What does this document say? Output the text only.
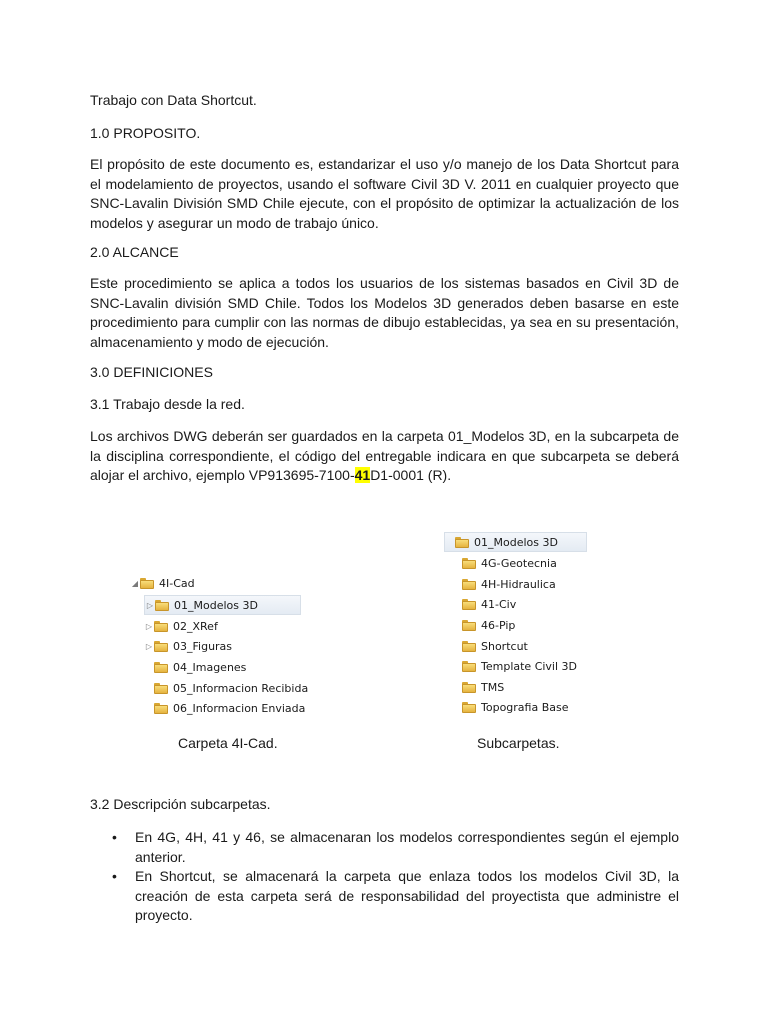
Trabajo con Data Shortcut.

1.0 PROPOSITO.

El propósito de este documento es, estandarizar el uso y/o manejo de los Data Shortcut para el modelamiento de proyectos, usando el software Civil 3D V. 2011 en cualquier proyecto que SNC-Lavalin División SMD Chile ejecute, con el propósito de optimizar la actualización de los modelos y asegurar un modo de trabajo único.

2.0 ALCANCE

Este procedimiento se aplica a todos los usuarios de los sistemas basados en Civil 3D de SNC-Lavalin división SMD Chile. Todos los Modelos 3D generados deben basarse en este procedimiento para cumplir con las normas de dibujo establecidas, ya sea en su presentación, almacenamiento y modo de ejecución.

3.0 DEFINICIONES

3.1 Trabajo desde la red.

Los archivos DWG deberán ser guardados en la carpeta 01_Modelos 3D, en la subcarpeta de la disciplina correspondiente, el código del entregable indicara en que subcarpeta se deberá alojar el archivo, ejemplo VP913695-7100-41D1-0001 (R).

3.2 Descripción subcarpetas.

◢ 4I-Cad
▷ 01_Modelos 3D
▷ 02_XRef
▷ 03_Figuras
04_Imagenes
05_Informacion Recibida
06_Informacion Enviada
Carpeta 4I-Cad.
01_Modelos 3D
4G-Geotecnia
4H-Hidraulica
41-Civ
46-Pip
Shortcut
Template Civil 3D
TMS
Topografia Base
Subcarpetas.
• En 4G, 4H, 41 y 46, se almacenaran los modelos correspondientes según el ejemplo anterior.
• En Shortcut, se almacenará la carpeta que enlaza todos los modelos Civil 3D, la creación de esta carpeta será de responsabilidad del proyectista que administre el proyecto.
